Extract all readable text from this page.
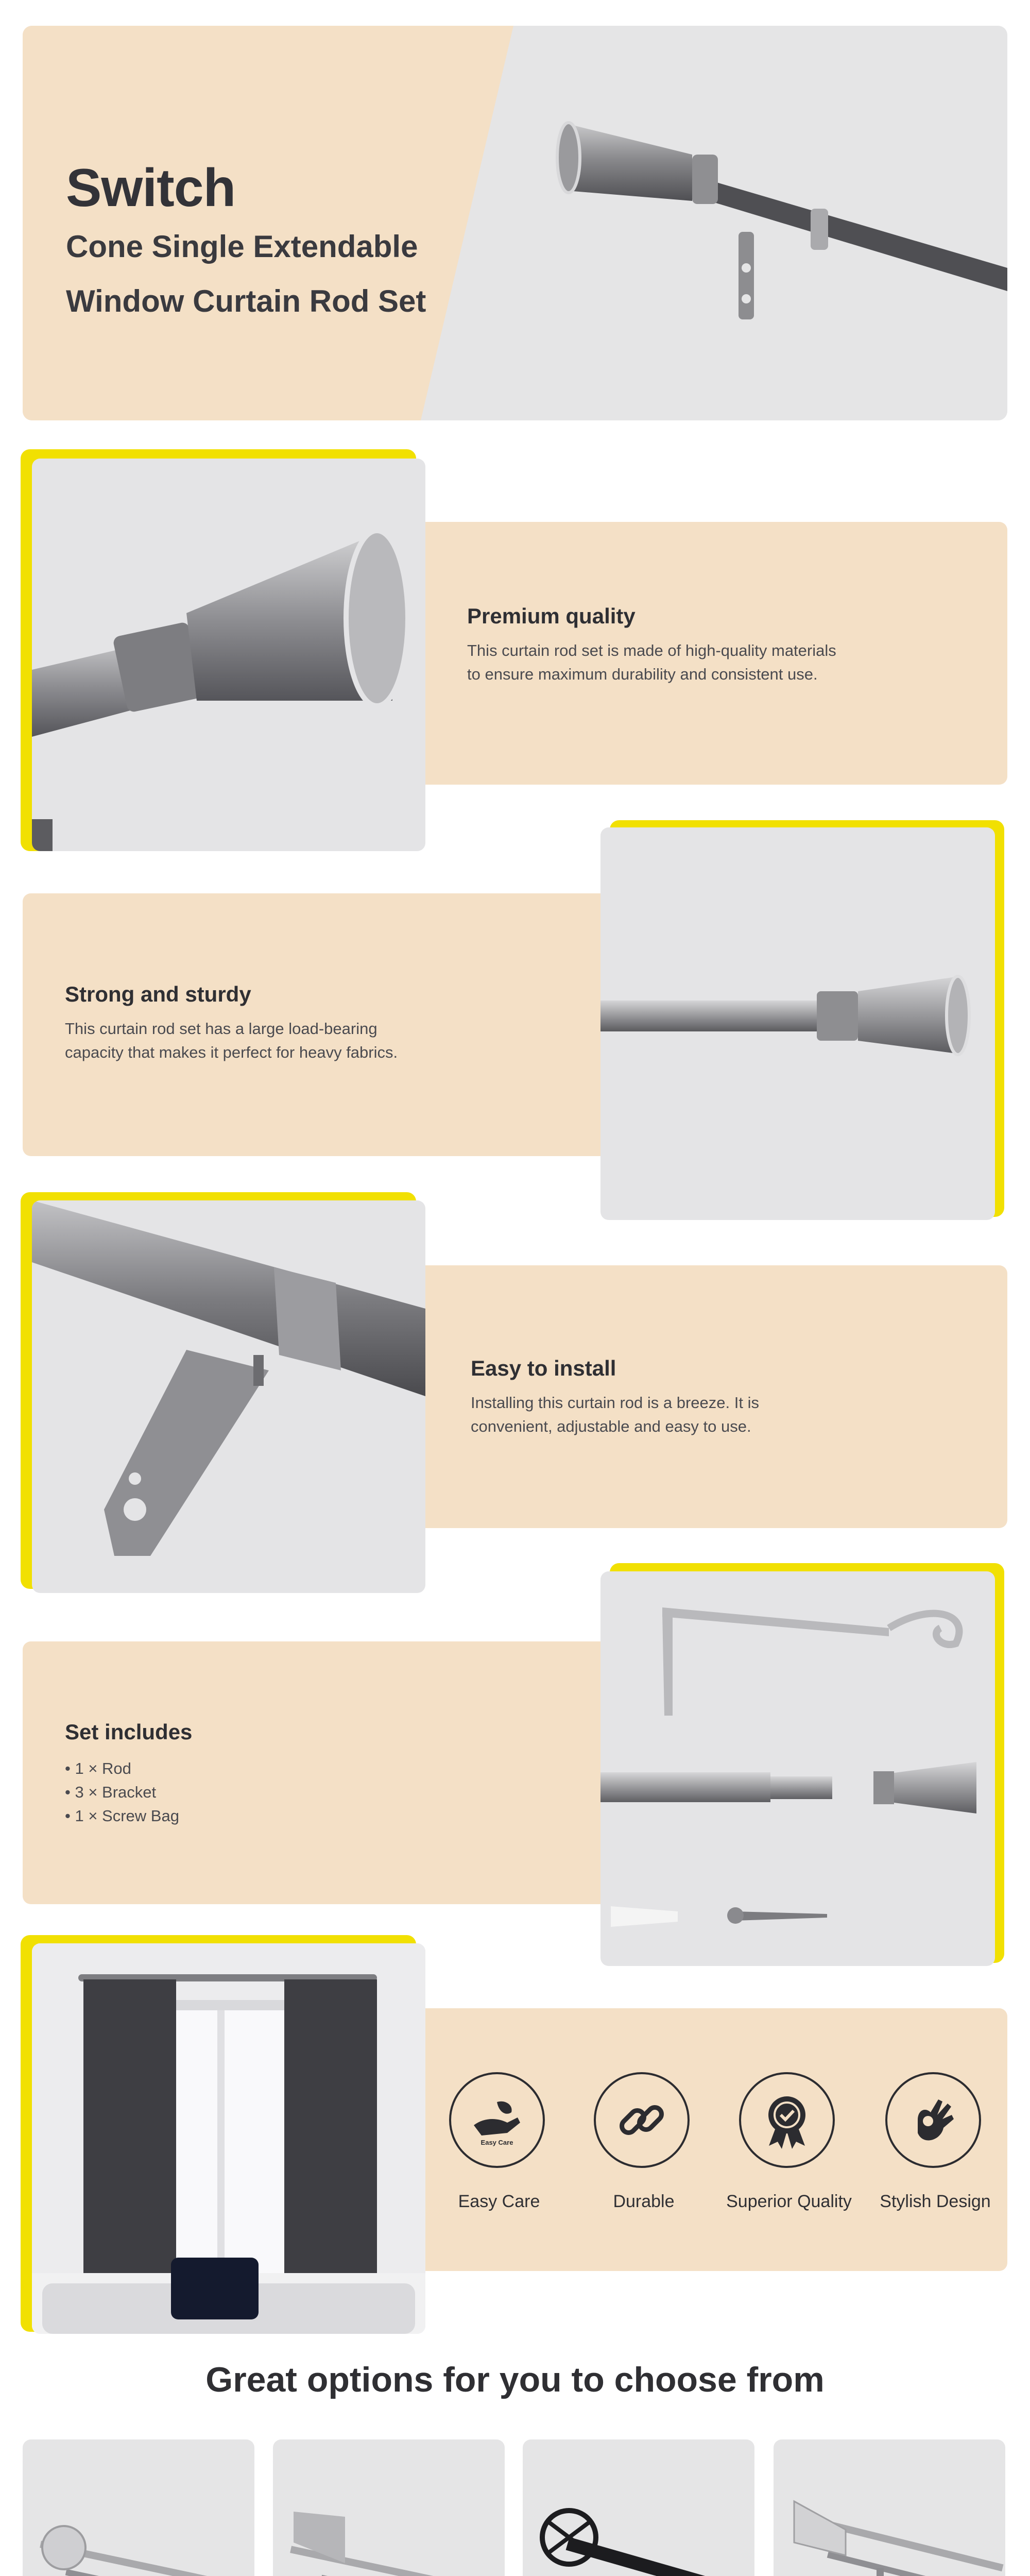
Switch
Cone Single Extendable
Window Curtain Rod Set
Premium quality
This curtain rod set is made of high-quality materials
to ensure maximum durability and consistent use.
Strong and sturdy
This curtain rod set has a large load-bearing
capacity that makes it perfect for heavy fabrics.
Easy to install
Installing this curtain rod is a breeze. It is
convenient, adjustable and easy to use.
Set includes
• 1 × Rod
• 3 × Bracket
• 1 × Screw Bag
Easy Care
Easy Care	Durable	Superior Quality	Stylish Design
Great options for you to choose from
